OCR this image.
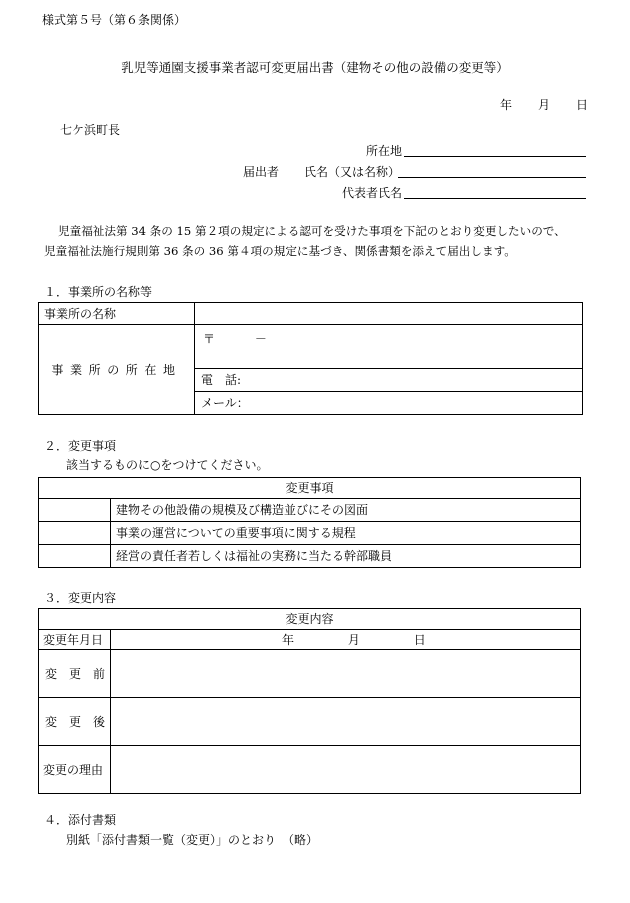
様式第５号（第６条関係）
乳児等通園支援事業者認可変更届出書（建物その他の設備の変更等）
年 月 日
七ケ浜町長
所在地
届出者 氏名（又は名称）
代表者氏名
児童福祉法第 34 条の 15 第２項の規定による認可を受けた事項を下記のとおり変更したいので、
児童福祉法施行規則第 36 条の 36 第４項の規定に基づき、関係書類を添えて届出します。
１．事業所の名称等
事業所の名称	
事業所の所在地	〒 －
	電　話:
	メール：
２．変更事項
該当するものに○をつけてください。
変更事項	
	建物その他設備の規模及び構造並びにその図面
	事業の運営についての重要事項に関する規程
	経営の責任者若しくは福祉の実務に当たる幹部職員
３．変更内容
変更内容	
変更年月日	年 月 日
変　更　前	
変　更　後	
変更の理由	
４．添付書類
別紙「添付書類一覧（変更）」のとおり　（略）
